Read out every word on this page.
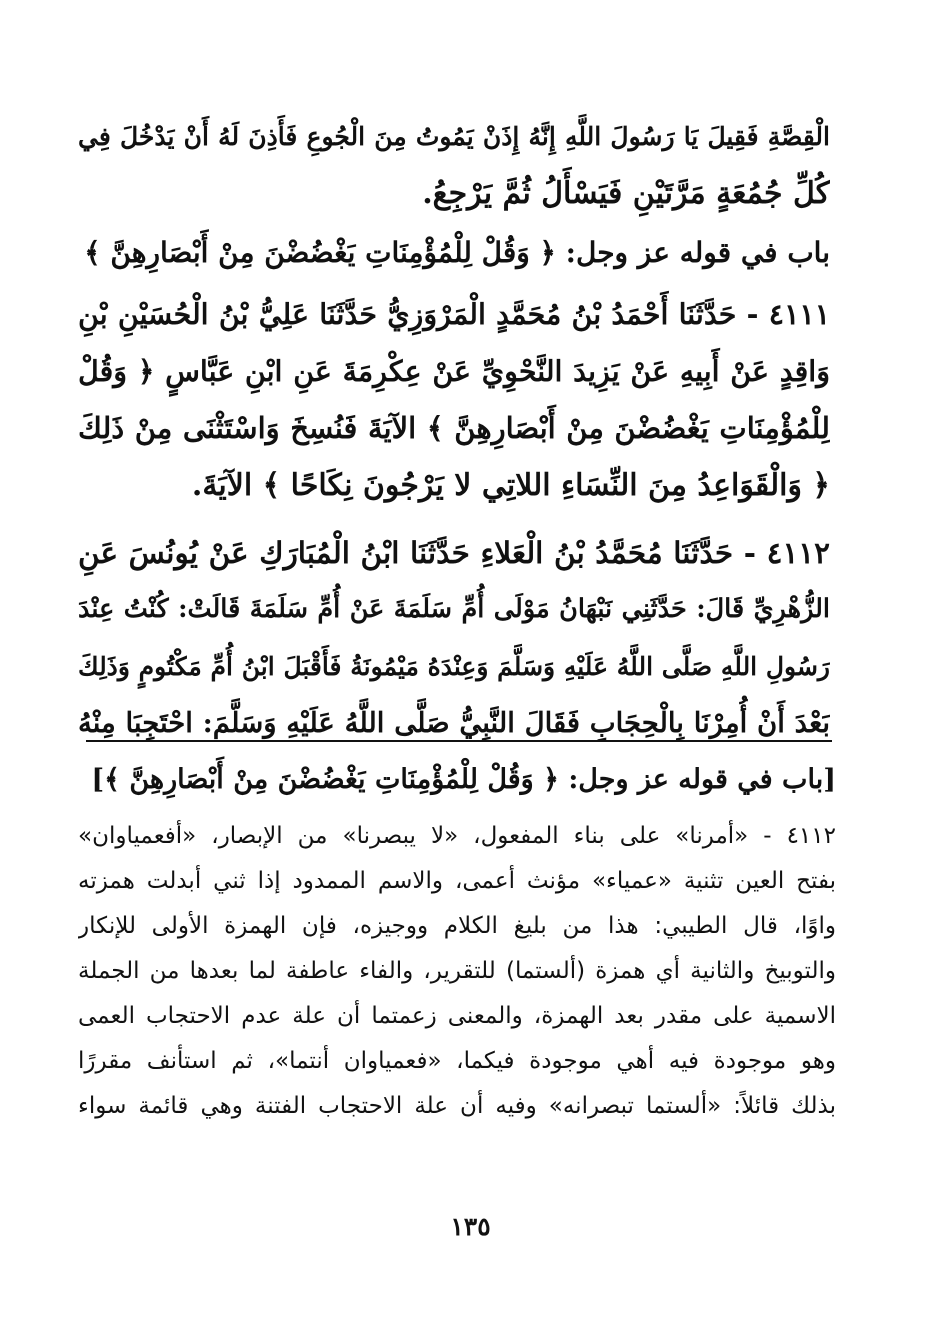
الْقِصَّةِ فَقِيلَ يَا رَسُولَ اللَّهِ إِنَّهُ إِذَنْ يَمُوتُ مِنَ الْجُوعِ فَأَذِنَ لَهُ أَنْ يَدْخُلَ فِي
كُلِّ جُمُعَةٍ مَرَّتَيْنِ فَيَسْأَلُ ثُمَّ يَرْجِعُ.
باب في قوله عز وجل: ﴿ وَقُلْ لِلْمُؤْمِنَاتِ يَغْضُضْنَ مِنْ أَبْصَارِهِنَّ ﴾
٤١١١ - حَدَّثَنَا أَحْمَدُ بْنُ مُحَمَّدٍ الْمَرْوَزِيُّ حَدَّثَنَا عَلِيُّ بْنُ الْحُسَيْنِ بْنِ
وَاقِدٍ عَنْ أَبِيهِ عَنْ يَزِيدَ النَّحْوِيِّ عَنْ عِكْرِمَةَ عَنِ ابْنِ عَبَّاسٍ ﴿ وَقُلْ
لِلْمُؤْمِنَاتِ يَغْضُضْنَ مِنْ أَبْصَارِهِنَّ ﴾ الآيَةَ فَنُسِخَ وَاسْتَثْنَى مِنْ ذَلِكَ
﴿ وَالْقَوَاعِدُ مِنَ النِّسَاءِ اللاتِي لا يَرْجُونَ نِكَاحًا ﴾ الآيَةَ.
٤١١٢ - حَدَّثَنَا مُحَمَّدُ بْنُ الْعَلاءِ حَدَّثَنَا ابْنُ الْمُبَارَكِ عَنْ يُونُسَ عَنِ
الزُّهْرِيِّ قَالَ: حَدَّثَنِي نَبْهَانُ مَوْلَى أُمِّ سَلَمَةَ عَنْ أُمِّ سَلَمَةَ قَالَتْ: كُنْتُ عِنْدَ
رَسُولِ اللَّهِ صَلَّى اللَّهُ عَلَيْهِ وَسَلَّمَ وَعِنْدَهُ مَيْمُونَةُ فَأَقْبَلَ ابْنُ أُمِّ مَكْتُومٍ وَذَلِكَ
بَعْدَ أَنْ أُمِرْنَا بِالْحِجَابِ فَقَالَ النَّبِيُّ صَلَّى اللَّهُ عَلَيْهِ وَسَلَّمَ: احْتَجِبَا مِنْهُ
[باب في قوله عز وجل: ﴿ وَقُلْ لِلْمُؤْمِنَاتِ يَغْضُضْنَ مِنْ أَبْصَارِهِنَّ ﴾]
٤١١٢ - «أمرنا» على بناء المفعول، «لا يبصرنا» من الإبصار، «أفعمياوان»
بفتح العين تثنية «عمياء» مؤنث أعمى، والاسم الممدود إذا ثني أبدلت همزته
واوًا، قال الطيبي: هذا من بليغ الكلام ووجيزه، فإن الهمزة الأولى للإنكار
والتوبيخ والثانية أي همزة (ألستما) للتقرير، والفاء عاطفة لما بعدها من الجملة
الاسمية على مقدر بعد الهمزة، والمعنى زعمتما أن علة عدم الاحتجاب العمى
وهو موجودة فيه أهي موجودة فيكما، «فعمياوان أنتما»، ثم استأنف مقررًا
بذلك قائلاً: «ألستما تبصرانه» وفيه أن علة الاحتجاب الفتنة وهي قائمة سواء
١٣٥
